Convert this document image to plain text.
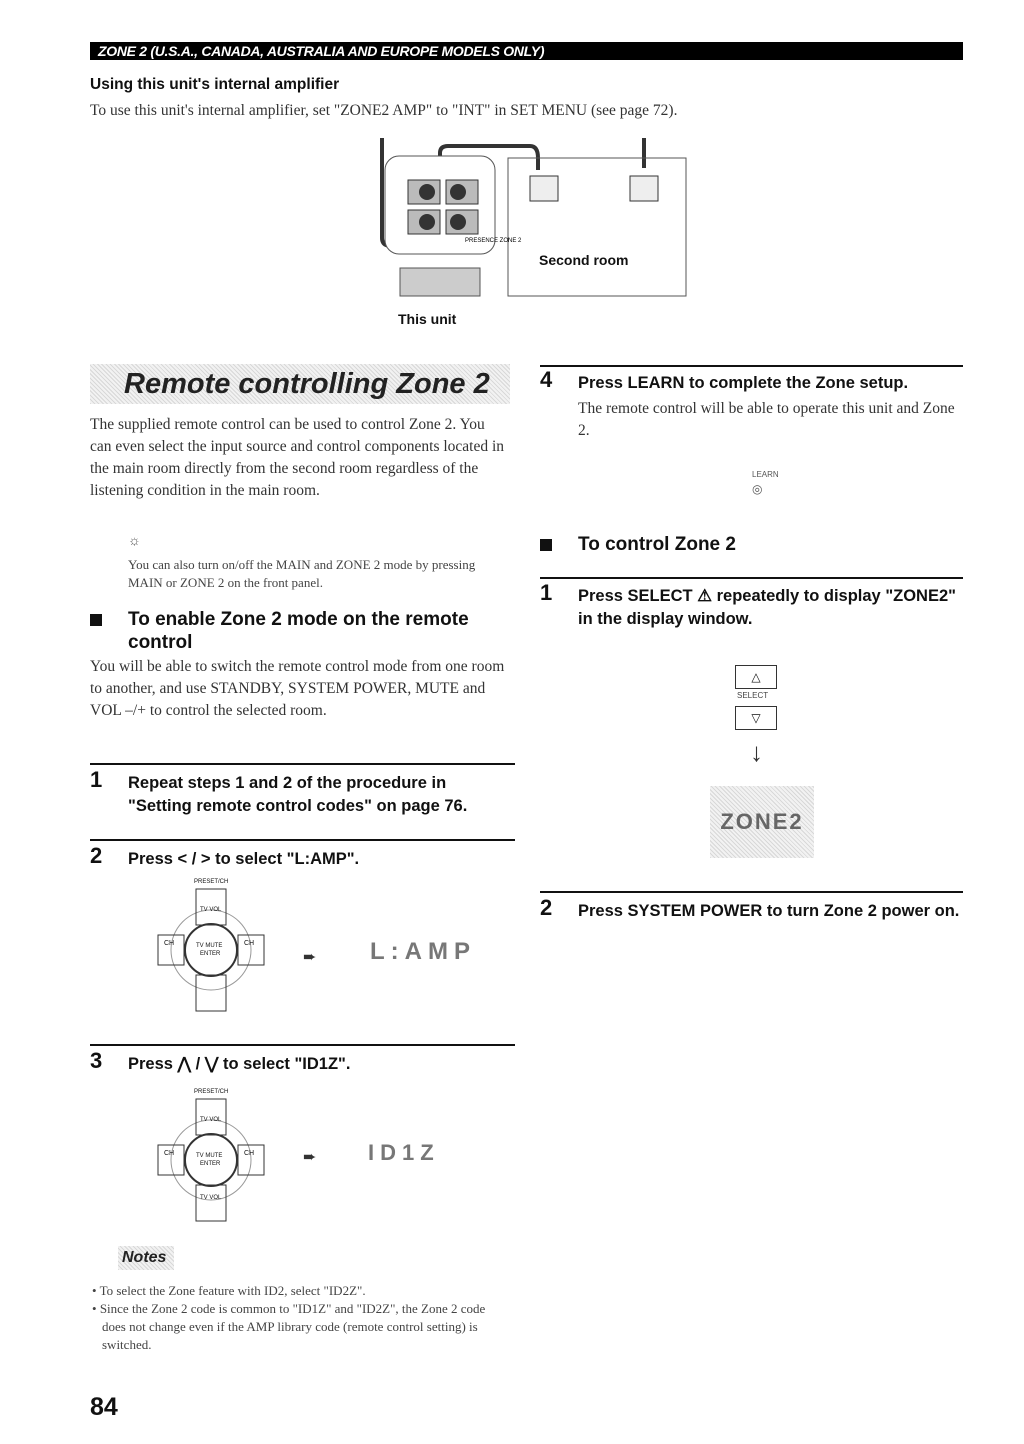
ZONE 2 (U.S.A., CANADA, AUSTRALIA AND EUROPE MODELS ONLY)
Using this unit's internal amplifier
To use this unit's internal amplifier, set "ZONE2 AMP" to "INT" in SET MENU (see page 72).
PRESENCE ZONE 2
This unit
Second room
Remote controlling Zone 2
The supplied remote control can be used to control Zone 2. You can even select the input source and control components located in the main room directly from the second room regardless of the listening condition in the main room.
☼
You can also turn on/off the MAIN and ZONE 2 mode by pressing MAIN or ZONE 2 on the front panel.
To enable Zone 2 mode on the remote control
You will be able to switch the remote control mode from one room to another, and use STANDBY, SYSTEM POWER, MUTE and VOL –/+ to control the selected room.
1	Repeat steps 1 and 2 of the procedure in "Setting remote control codes" on page 76.
2	Press < / > to select "L:AMP".
PRESET/CH
TV VOL
CH	CH
TV MUTE
ENTER	➨ L:AMP
3	Press ⋀ / ⋁ to select "ID1Z".
PRESET/CH
TV VOL
TV VOL
CH	CH
TV MUTE
ENTER	➨ ID1Z
Notes
• To select the Zone feature with ID2, select "ID2Z".
• Since the Zone 2 code is common to "ID1Z" and "ID2Z", the Zone 2 code does not change even if the AMP library code (remote control setting) is switched.
84
4	Press LEARN to complete the Zone setup.
The remote control will be able to operate this unit and Zone 2.
LEARN
◎
To control Zone 2
1	Press SELECT ⚠ repeatedly to display "ZONE2" in the display window.
△
SELECT
▽
↓
ZONE2
2	Press SYSTEM POWER to turn Zone 2 power on.
